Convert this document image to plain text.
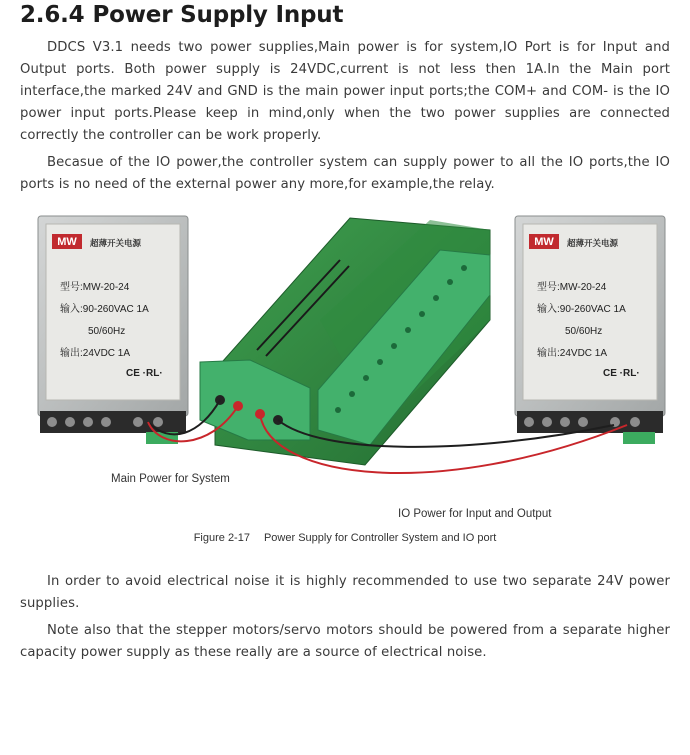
2.6.4 Power Supply Input

DDCS V3.1 needs two power supplies,Main power is for system,IO Port is for Input and Output ports. Both power supply is 24VDC,current is not less then 1A.In the Main port interface,the marked 24V and GND is the main power input ports;the COM+ and COM- is the IO power input ports.Please keep in mind,only when the two power supplies are connected correctly the controller can be work properly.

Becasue of the IO power,the controller system can supply power to all the IO ports,the IO ports is no need of the external power any more,for example,the relay.

MW 超薄开关电源
型号:MW-20-24
输入:90-260VAC 1A
50/60Hz
输出:24VDC 1A
CE ·RL·
MW 超薄开关电源
型号:MW-20-24
输入:90-260VAC 1A
50/60Hz
输出:24VDC 1A
CE ·RL·
Main Power for System
IO Power for Input and Output
Figure 2-17 Power Supply for Controller System and IO port

In order to avoid electrical noise it is highly recommended to use two separate 24V power supplies.

Note also that the stepper motors/servo motors should be powered from a separate higher capacity power supply as these really are a source of electrical noise.
